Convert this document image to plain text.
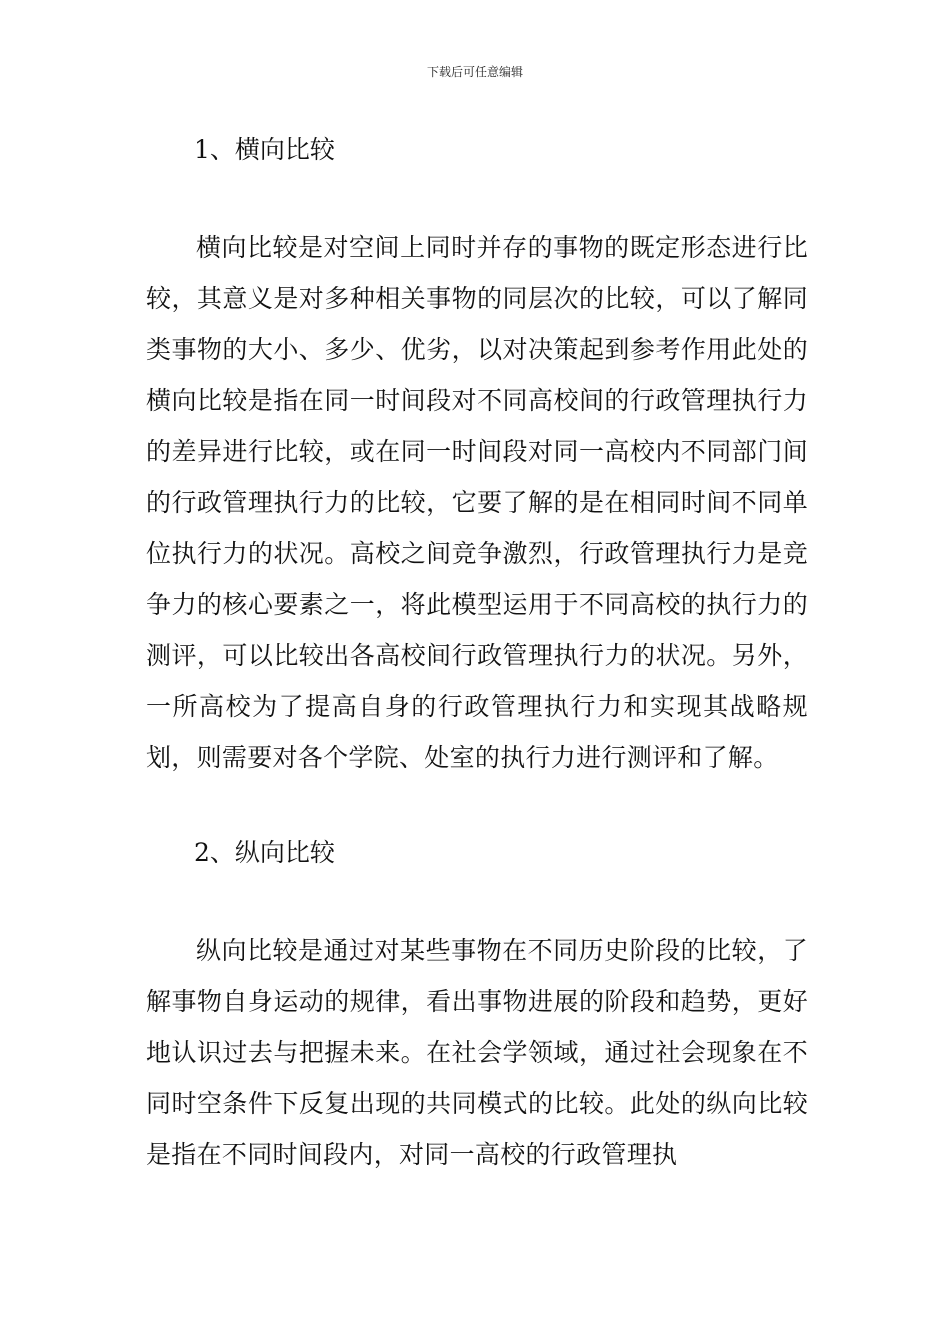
下载后可任意编辑
1、横向比较

横向比较是对空间上同时并存的事物的既定形态进行比较，其意义是对多种相关事物的同层次的比较，可以了解同类事物的大小、多少、优劣，以对决策起到参考作用此处的横向比较是指在同一时间段对不同高校间的行政管理执行力的差异进行比较，或在同一时间段对同一高校内不同部门间的行政管理执行力的比较，它要了解的是在相同时间不同单位执行力的状况。高校之间竞争激烈，行政管理执行力是竞争力的核心要素之一，将此模型运用于不同高校的执行力的测评，可以比较出各高校间行政管理执行力的状况。另外，一所高校为了提高自身的行政管理执行力和实现其战略规划，则需要对各个学院、处室的执行力进行测评和了解。

2、纵向比较

纵向比较是通过对某些事物在不同历史阶段的比较，了解事物自身运动的规律，看出事物进展的阶段和趋势，更好地认识过去与把握未来。在社会学领域，通过社会现象在不同时空条件下反复出现的共同模式的比较。此处的纵向比较是指在不同时间段内，对同一高校的行政管理执
